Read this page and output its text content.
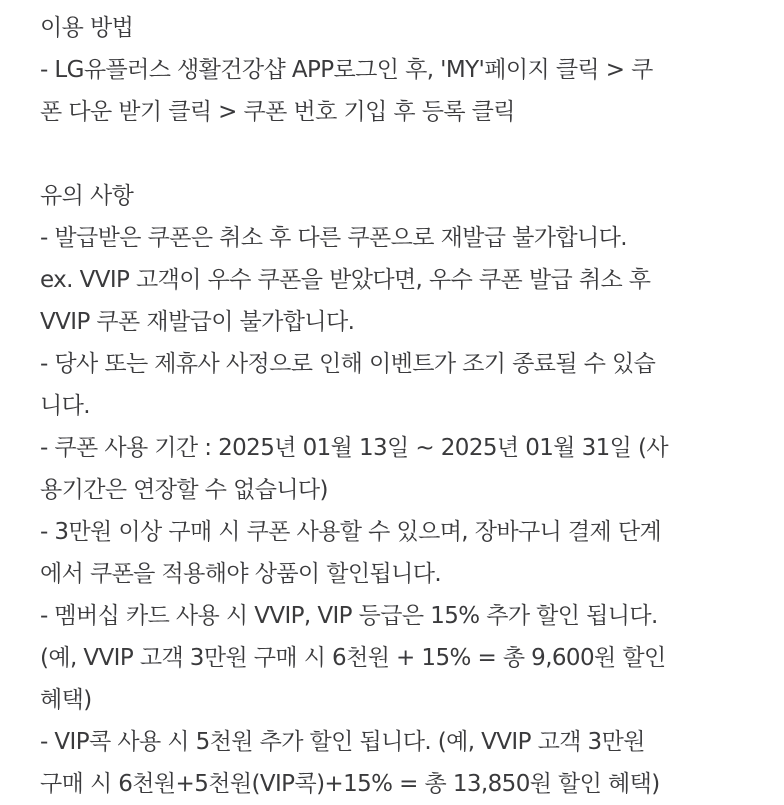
이용 방법
- LG유플러스 생활건강샵 APP로그인 후, 'MY'페이지 클릭 > 쿠
폰 다운 받기 클릭 > 쿠폰 번호 기입 후 등록 클릭
유의 사항
- 발급받은 쿠폰은 취소 후 다른 쿠폰으로 재발급 불가합니다.
ex. VVIP 고객이 우수 쿠폰을 받았다면, 우수 쿠폰 발급 취소 후
VVIP 쿠폰 재발급이 불가합니다.
- 당사 또는 제휴사 사정으로 인해 이벤트가 조기 종료될 수 있습
니다.
- 쿠폰 사용 기간 : 2025년 01월 13일 ~ 2025년 01월 31일 (사
용기간은 연장할 수 없습니다)
- 3만원 이상 구매 시 쿠폰 사용할 수 있으며, 장바구니 결제 단계
에서 쿠폰을 적용해야 상품이 할인됩니다.
- 멤버십 카드 사용 시 VVIP, VIP 등급은 15% 추가 할인 됩니다.
(예, VVIP 고객 3만원 구매 시 6천원 + 15% = 총 9,600원 할인
혜택)
- VIP콕 사용 시 5천원 추가 할인 됩니다. (예, VVIP 고객 3만원
구매 시 6천원+5천원(VIP콕)+15% = 총 13,850원 할인 혜택)
